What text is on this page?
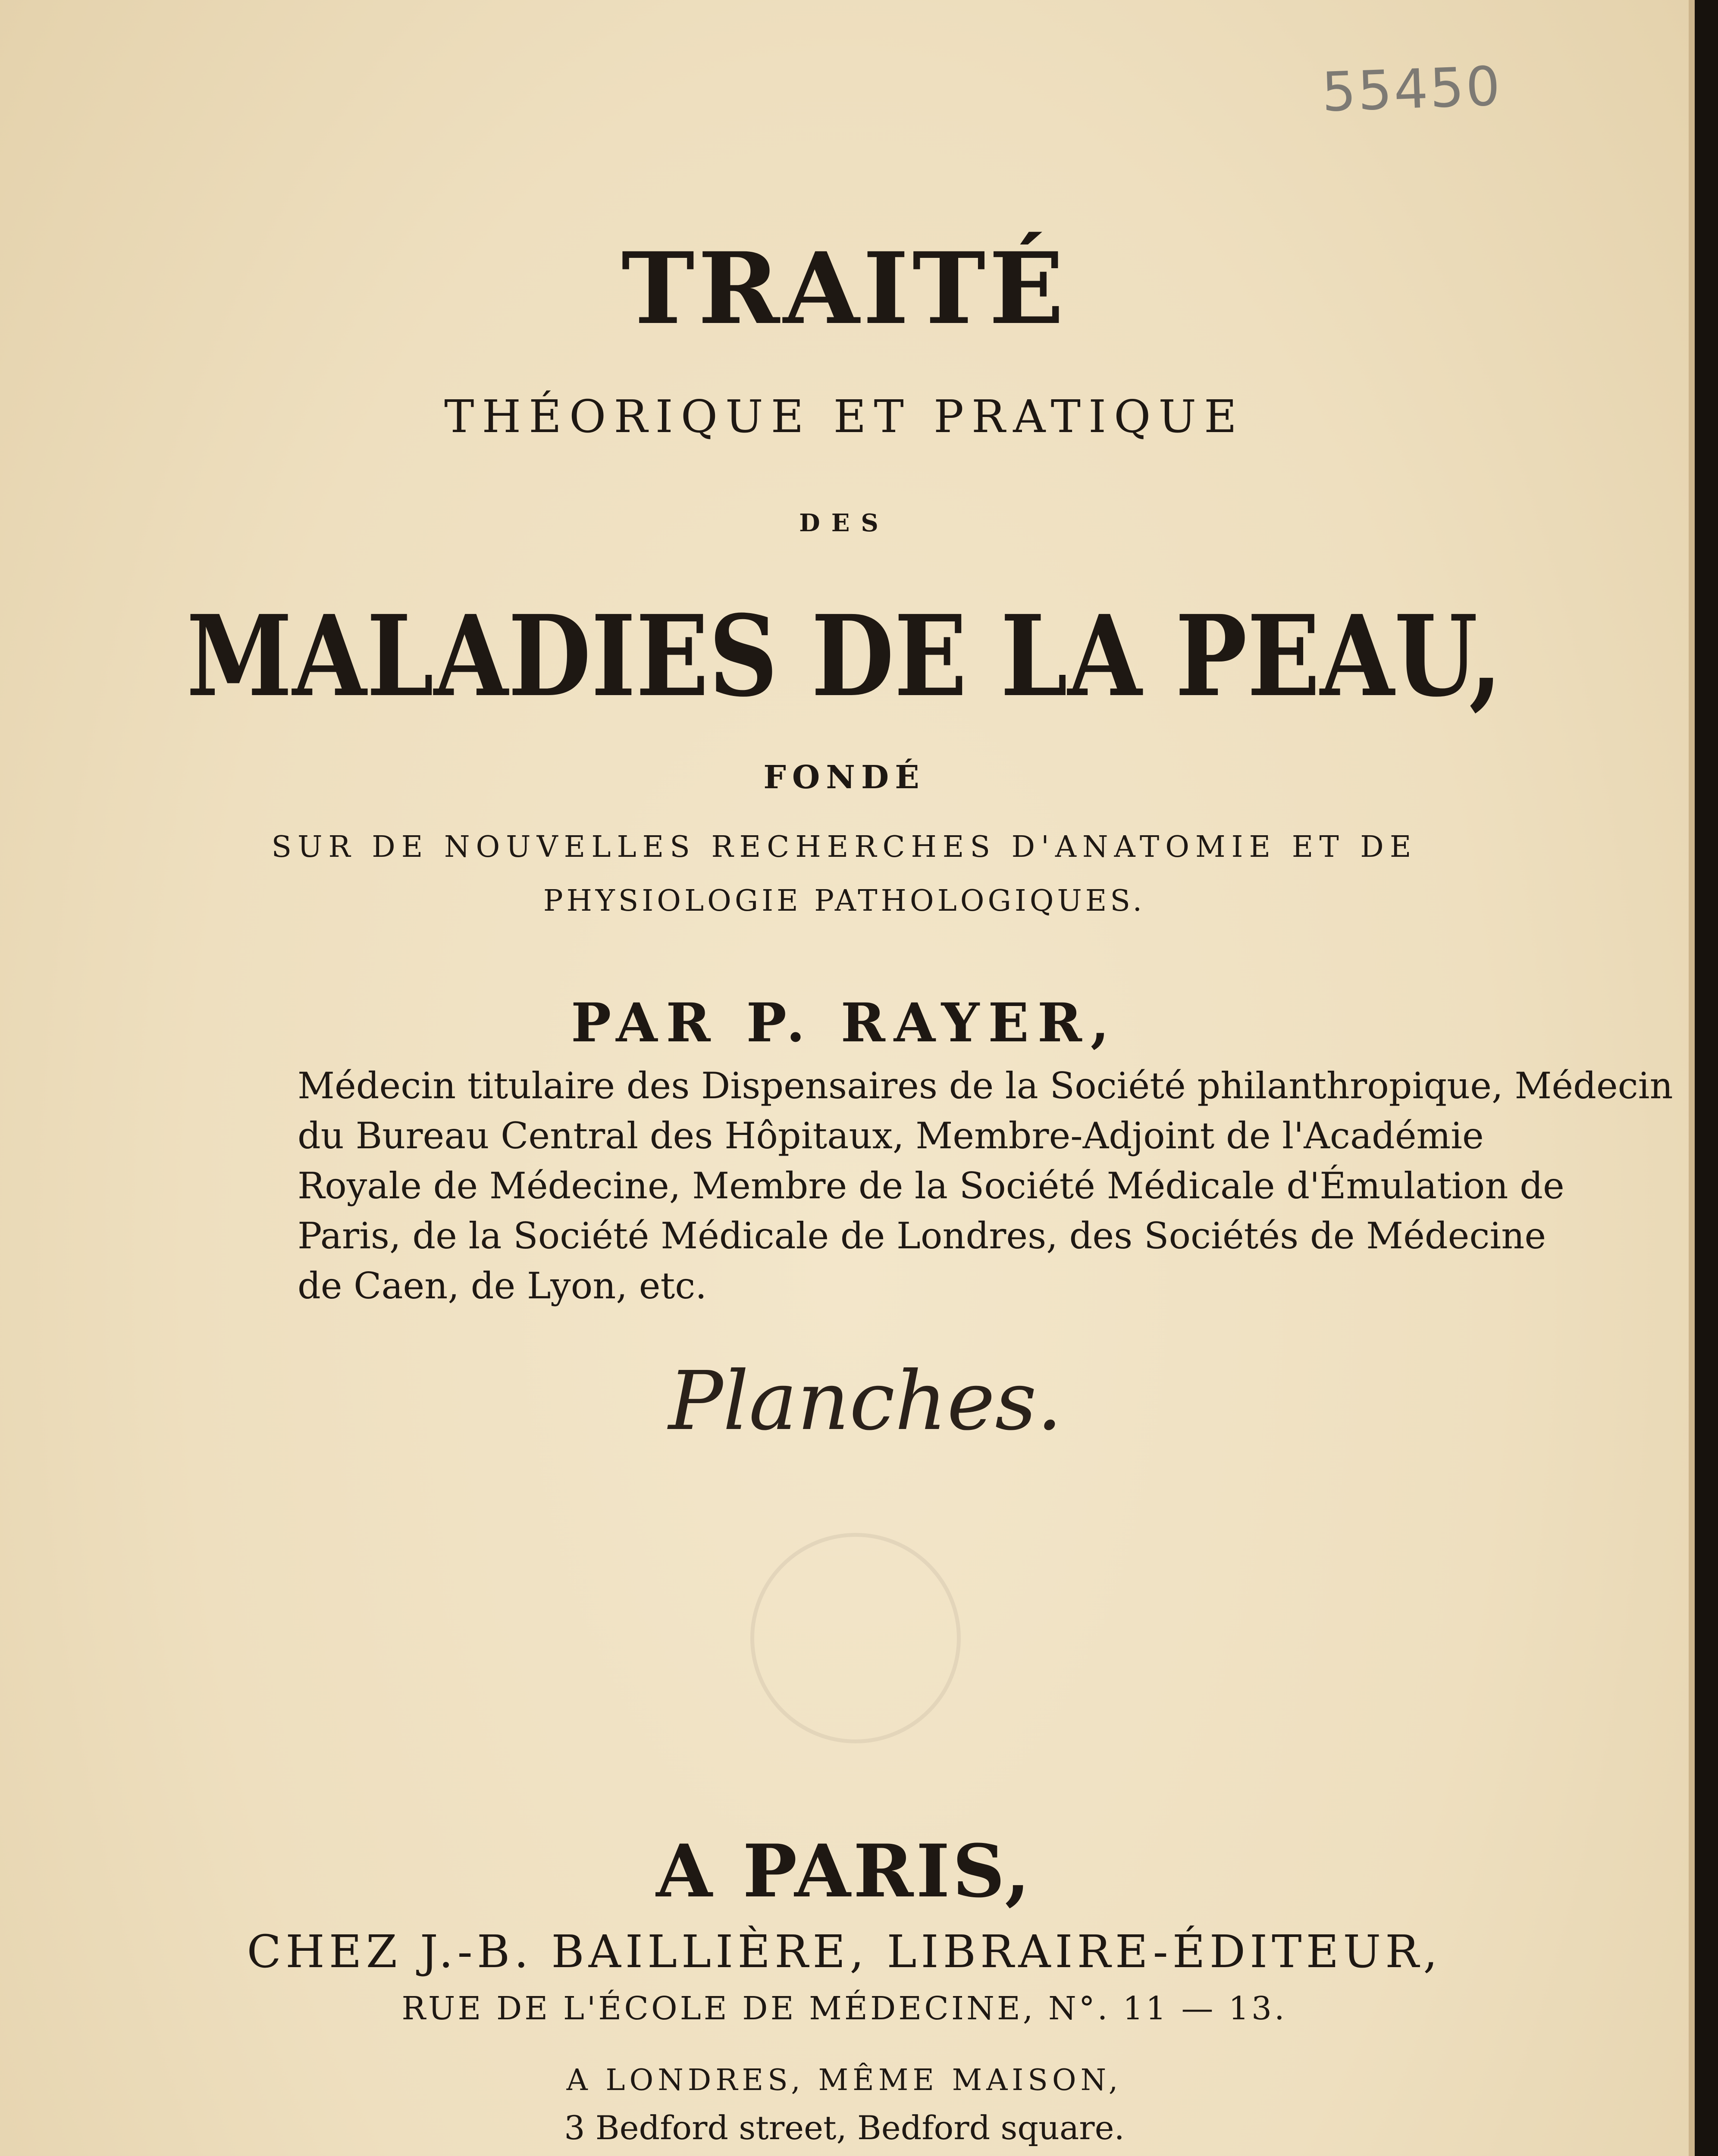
55450
TRAITÉ
THÉORIQUE ET PRATIQUE
DES
MALADIES DE LA PEAU,
FONDÉ
SUR DE NOUVELLES RECHERCHES D'ANATOMIE ET DE
PHYSIOLOGIE PATHOLOGIQUES.
PAR P. RAYER,
Médecin titulaire des Dispensaires de la Société philanthropique, Médecin
du Bureau Central des Hôpitaux, Membre-Adjoint de l'Académie
Royale de Médecine, Membre de la Société Médicale d'Émulation de
Paris, de la Société Médicale de Londres, des Sociétés de Médecine
de Caen, de Lyon, etc.
Planches.
A PARIS,
CHEZ J.-B. BAILLIÈRE, LIBRAIRE-ÉDITEUR,
RUE DE L'ÉCOLE DE MÉDECINE, N°. 11 — 13.
A LONDRES, MÊME MAISON,
3 Bedford street, Bedford square.
